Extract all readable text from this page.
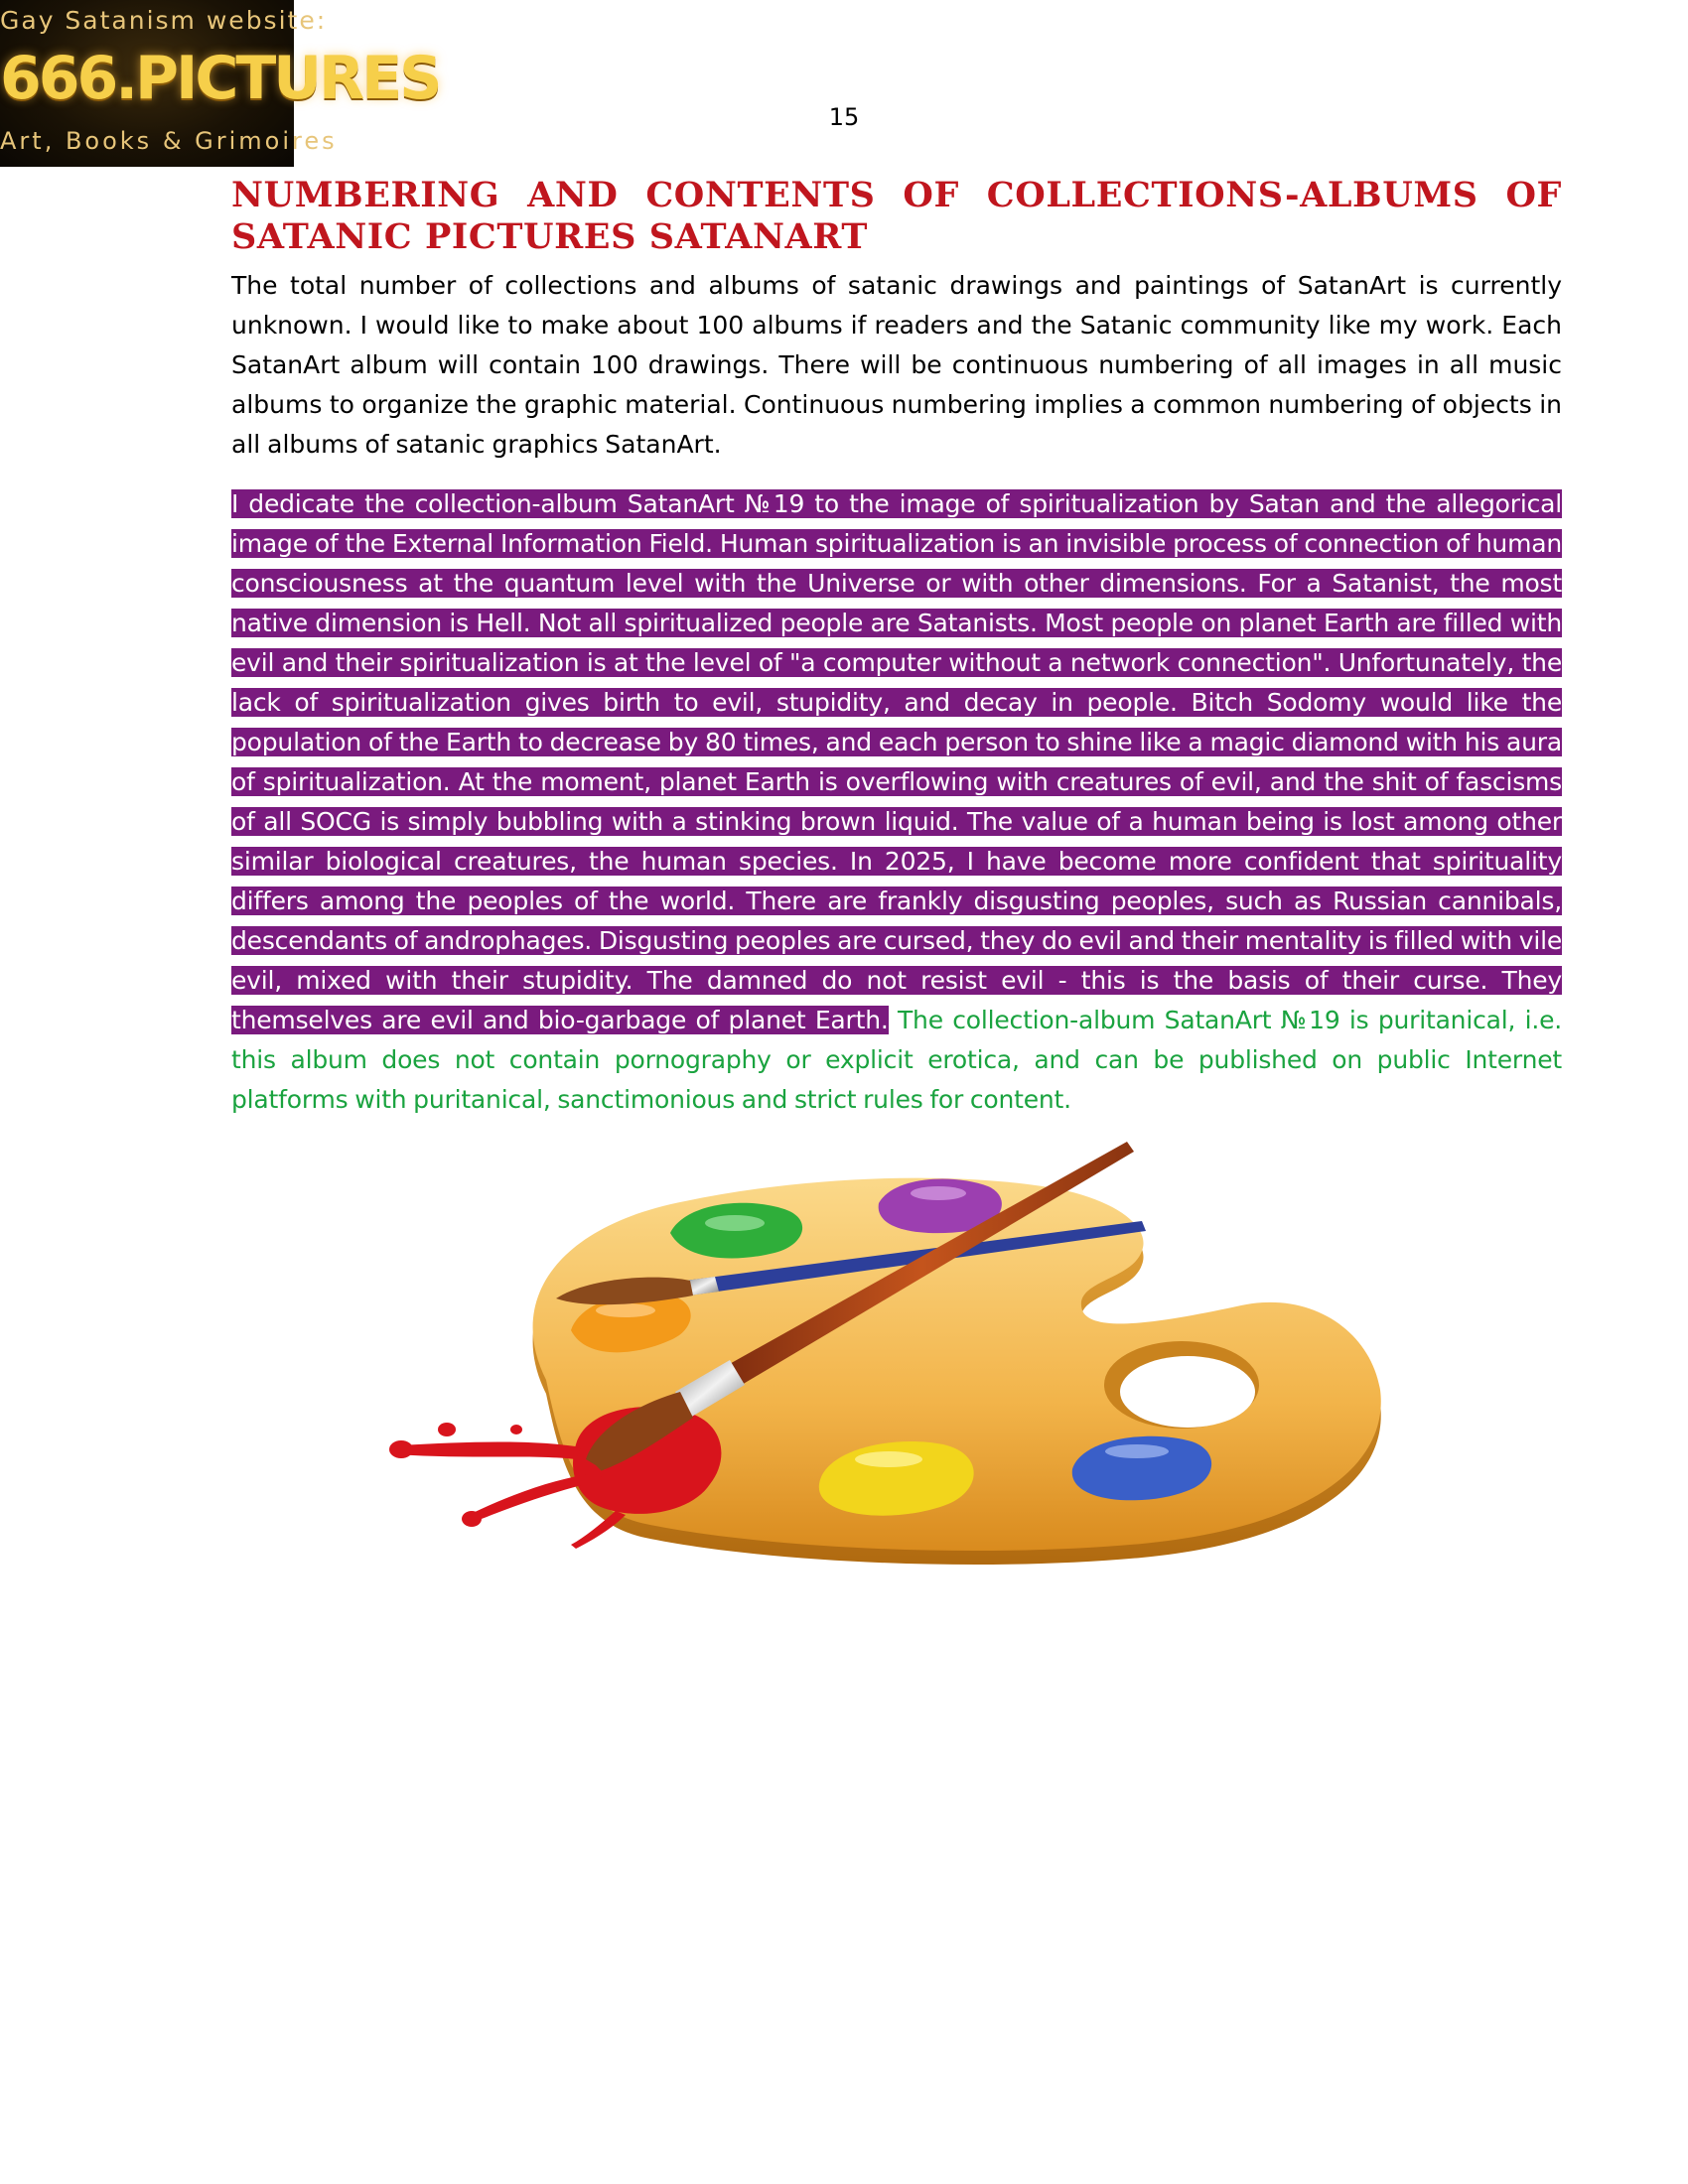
Gay Satanism website:
666.PICTURES
Art, Books & Grimoires
15
NUMBERING AND CONTENTS OF COLLECTIONS-ALBUMS OF SATANIC PICTURES SATANART

The total number of collections and albums of satanic drawings and paintings of SatanArt is currently unknown. I would like to make about 100 albums if readers and the Satanic community like my work. Each SatanArt album will contain 100 drawings. There will be continuous numbering of all images in all music albums to organize the graphic material. Continuous numbering implies a common numbering of objects in all albums of satanic graphics SatanArt.

I dedicate the collection-album SatanArt №19 to the image of spiritualization by Satan and the allegorical image of the External Information Field. Human spiritualization is an invisible process of connection of human consciousness at the quantum level with the Universe or with other dimensions. For a Satanist, the most native dimension is Hell. Not all spiritualized people are Satanists. Most people on planet Earth are filled with evil and their spiritualization is at the level of "a computer without a network connection". Unfortunately, the lack of spiritualization gives birth to evil, stupidity, and decay in people. Bitch Sodomy would like the population of the Earth to decrease by 80 times, and each person to shine like a magic diamond with his aura of spiritualization. At the moment, planet Earth is overflowing with creatures of evil, and the shit of fascisms of all SOCG is simply bubbling with a stinking brown liquid. The value of a human being is lost among other similar biological creatures, the human species. In 2025, I have become more confident that spirituality differs among the peoples of the world. There are frankly disgusting peoples, such as Russian cannibals, descendants of androphages. Disgusting peoples are cursed, they do evil and their mentality is filled with vile evil, mixed with their stupidity. The damned do not resist evil - this is the basis of their curse. They themselves are evil and bio-garbage of planet Earth. The collection-album SatanArt №19 is puritanical, i.e. this album does not contain pornography or explicit erotica, and can be published on public Internet platforms with puritanical, sanctimonious and strict rules for content.
